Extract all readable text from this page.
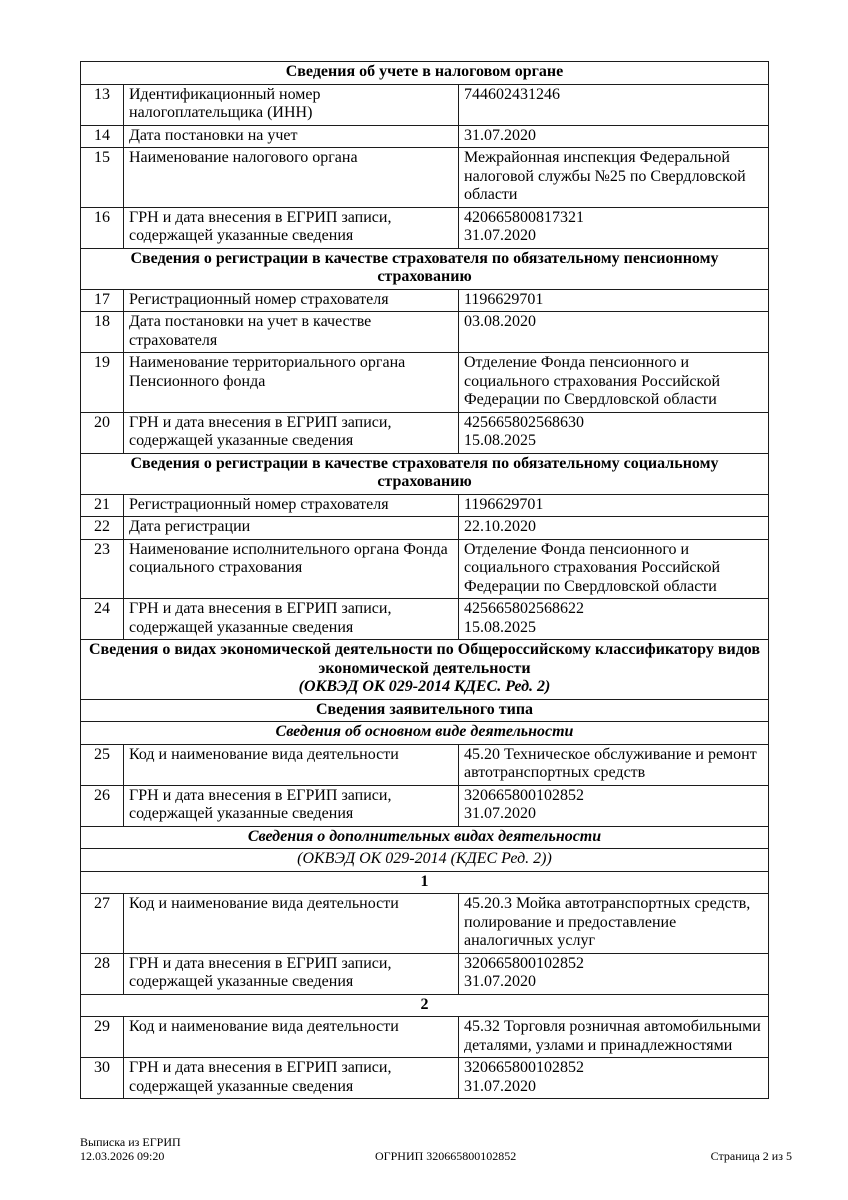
Сведения об учете в налоговом органе		

13	Идентификационный номер налогоплательщика (ИНН)	744602431246

14	Дата постановки на учет	31.07.2020

15	Наименование налогового органа	Межрайонная инспекция Федеральной налоговой службы №25 по Свердловской области

16	ГРН и дата внесения в ЕГРИП записи, содержащей указанные сведения	420665800817321
31.07.2020

Сведения о регистрации в качестве страхователя по обязательному пенсионному страхованию		

17	Регистрационный номер страхователя	1196629701

18	Дата постановки на учет в качестве страхователя	03.08.2020

19	Наименование территориального органа Пенсионного фонда	Отделение Фонда пенсионного и социального страхования Российской Федерации по Свердловской области

20	ГРН и дата внесения в ЕГРИП записи, содержащей указанные сведения	425665802568630
15.08.2025

Сведения о регистрации в качестве страхователя по обязательному социальному страхованию		

21	Регистрационный номер страхователя	1196629701

22	Дата регистрации	22.10.2020

23	Наименование исполнительного органа Фонда социального страхования	Отделение Фонда пенсионного и социального страхования Российской Федерации по Свердловской области

24	ГРН и дата внесения в ЕГРИП записи, содержащей указанные сведения	425665802568622
15.08.2025

Сведения о видах экономической деятельности по Общероссийскому классификатору видов экономической деятельности
(ОКВЭД ОК 029-2014 КДЕС. Ред. 2)		

Сведения заявительного типа		

Сведения об основном виде деятельности		

25	Код и наименование вида деятельности	45.20 Техническое обслуживание и ремонт автотранспортных средств

26	ГРН и дата внесения в ЕГРИП записи, содержащей указанные сведения	320665800102852
31.07.2020

Сведения о дополнительных видах деятельности		

(ОКВЭД ОК 029-2014 (КДЕС Ред. 2))		

1		

27	Код и наименование вида деятельности	45.20.3 Мойка автотранспортных средств, полирование и предоставление аналогичных услуг

28	ГРН и дата внесения в ЕГРИП записи, содержащей указанные сведения	320665800102852
31.07.2020

2		

29	Код и наименование вида деятельности	45.32 Торговля розничная автомобильными деталями, узлами и принадлежностями

30	ГРН и дата внесения в ЕГРИП записи, содержащей указанные сведения	320665800102852
31.07.2020
Выписка из ЕГРИП
12.03.2026 09:20	ОГРНИП 320665800102852	Страница 2 из 5
